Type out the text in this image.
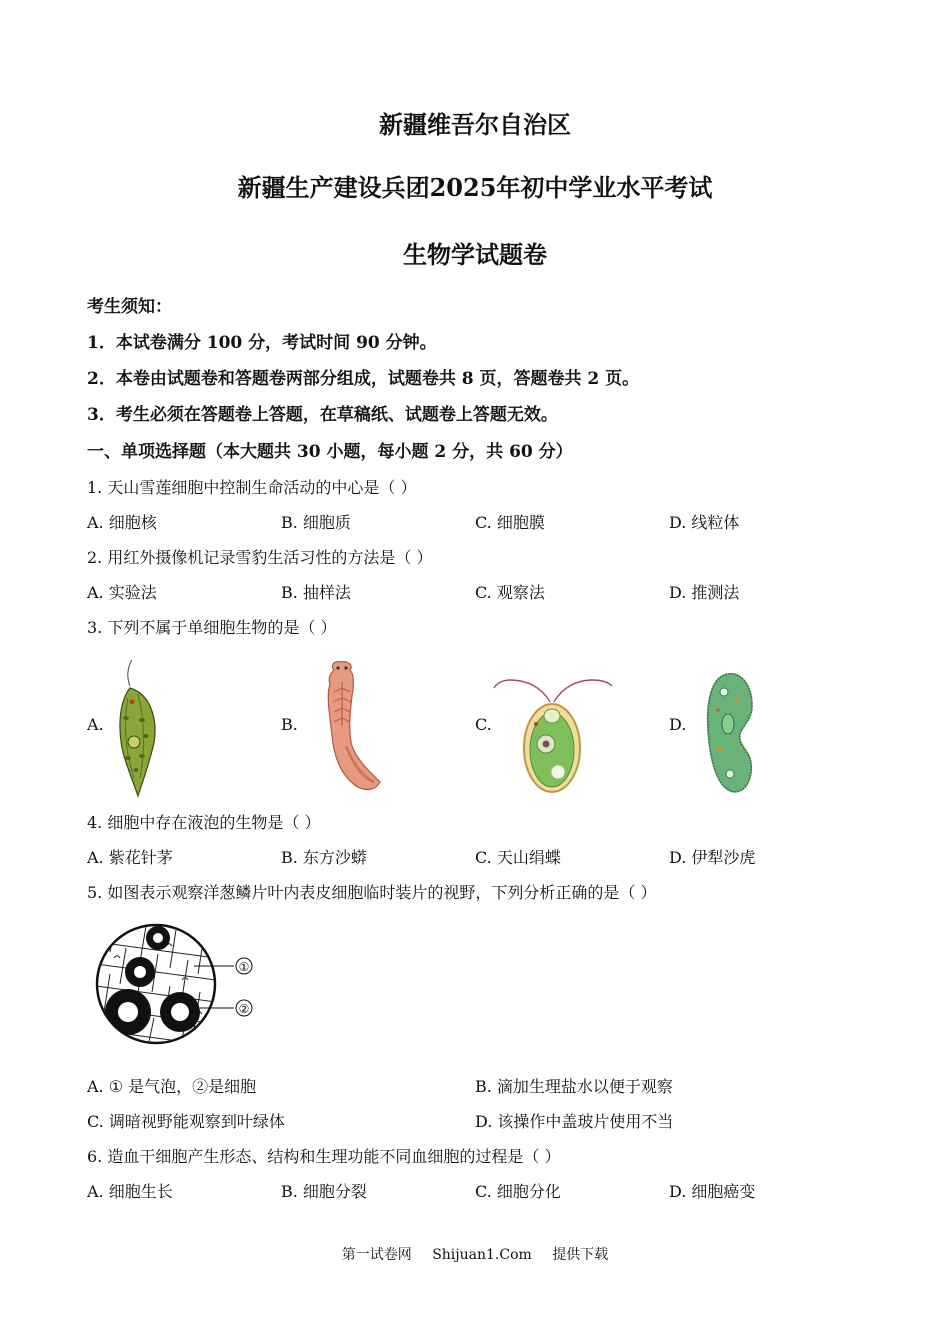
新疆维吾尔自治区
新疆生产建设兵团2025年初中学业水平考试
生物学试题卷
考生须知：
1．本试卷满分 100 分，考试时间 90 分钟。
2．本卷由试题卷和答题卷两部分组成，试题卷共 8 页，答题卷共 2 页。
3．考生必须在答题卷上答题，在草稿纸、试题卷上答题无效。
一、单项选择题（本大题共 30 小题，每小题 2 分，共 60 分）
1. 天山雪莲细胞中控制生命活动的中心是（ ）
A. 细胞核	B. 细胞质	C. 细胞膜	D. 线粒体
2. 用红外摄像机记录雪豹生活习性的方法是（ ）
A. 实验法	B. 抽样法	C. 观察法	D. 推测法
3. 下列不属于单细胞生物的是（ ）
A.	B.	C.	D.
4. 细胞中存在液泡的生物是（ ）
A. 紫花针茅	B. 东方沙蟒	C. 天山绢蝶	D. 伊犁沙虎
5. 如图表示观察洋葱鳞片叶内表皮细胞临时装片的视野，下列分析正确的是（ ）
①
②
A. ① 是气泡，②是细胞	B. 滴加生理盐水以便于观察
C. 调暗视野能观察到叶绿体	D. 该操作中盖玻片使用不当
6. 造血干细胞产生形态、结构和生理功能不同血细胞的过程是（ ）
A. 细胞生长	B. 细胞分裂	C. 细胞分化	D. 细胞癌变
第一试卷网 Shijuan1.Com 提供下载
